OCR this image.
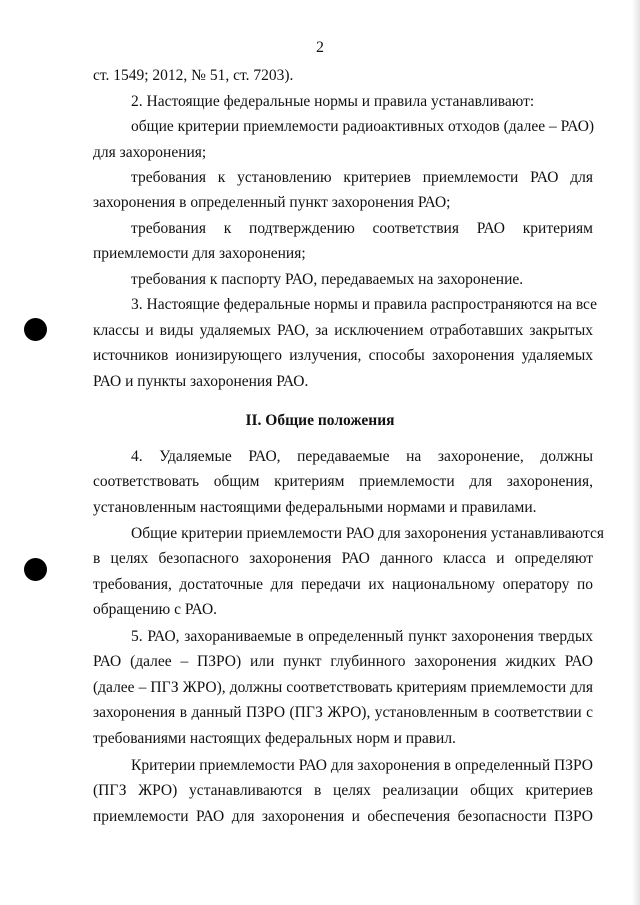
2
ст. 1549; 2012, № 51, ст. 7203).
2. Настоящие федеральные нормы и правила устанавливают:
общие критерии приемлемости радиоактивных отходов (далее – РАО)
для захоронения;
требования к установлению критериев приемлемости РАО для
захоронения в определенный пункт захоронения РАО;
требования к подтверждению соответствия РАО критериям
приемлемости для захоронения;
требования к паспорту РАО, передаваемых на захоронение.
3. Настоящие федеральные нормы и правила распространяются на все
классы и виды удаляемых РАО, за исключением отработавших закрытых
источников ионизирующего излучения, способы захоронения удаляемых
РАО и пункты захоронения РАО.
II. Общие положения
4. Удаляемые РАО, передаваемые на захоронение, должны
соответствовать общим критериям приемлемости для захоронения,
установленным настоящими федеральными нормами и правилами.
Общие критерии приемлемости РАО для захоронения устанавливаются
в целях безопасного захоронения РАО данного класса и определяют
требования, достаточные для передачи их национальному оператору по
обращению с РАО.
5. РАО, захораниваемые в определенный пункт захоронения твердых
РАО (далее – ПЗРО) или пункт глубинного захоронения жидких РАО
(далее – ПГЗ ЖРО), должны соответствовать критериям приемлемости для
захоронения в данный ПЗРО (ПГЗ ЖРО), установленным в соответствии с
требованиями настоящих федеральных норм и правил.
Критерии приемлемости РАО для захоронения в определенный ПЗРО
(ПГЗ ЖРО) устанавливаются в целях реализации общих критериев
приемлемости РАО для захоронения и обеспечения безопасности ПЗРО
